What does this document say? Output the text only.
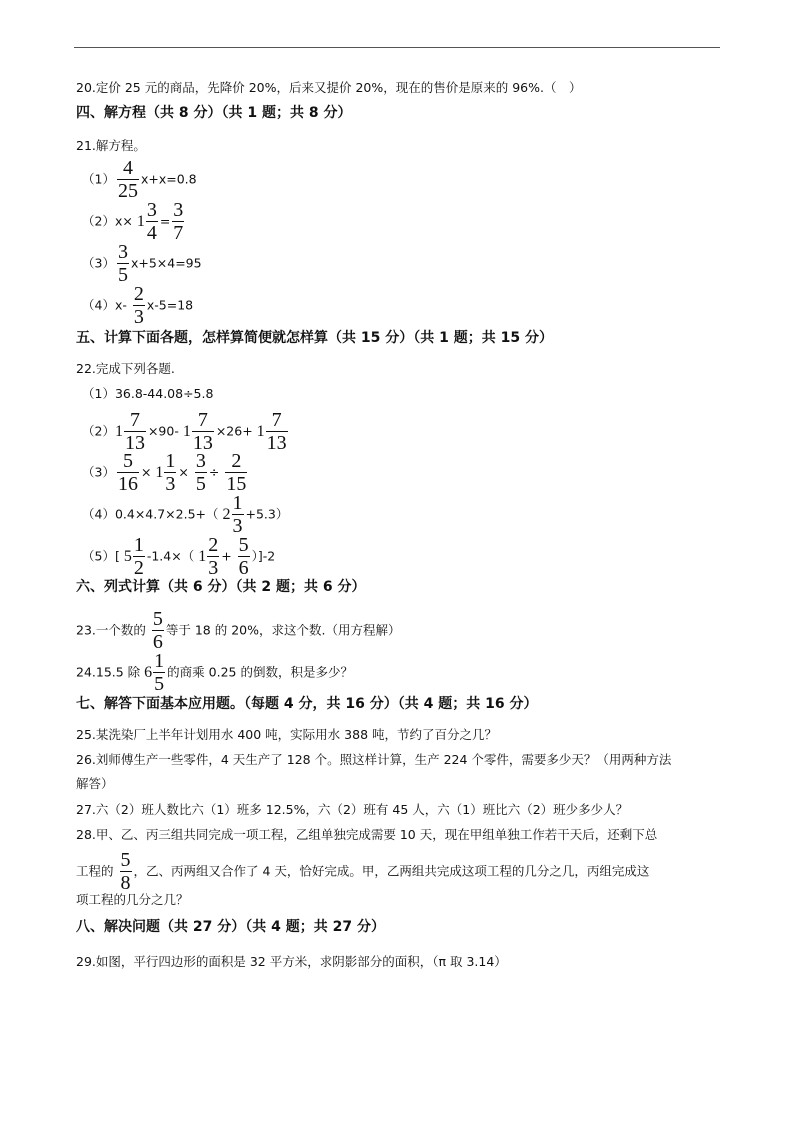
20.定价 25 元的商品，先降价 20%，后来又提价 20%，现在的售价是原来的 96%.（　）
四、解方程（共 8 分）（共 1 题；共 8 分）
21.解方程。
$(1) \frac{4}{25} x+x=0.8$
$(2)x\times 1 \frac{3}{4} = \frac{3}{7}$
$(3) \frac{3}{5} x+5\times 4=95$
$(4)x- \frac{2}{3} x-5=18$
五、计算下面各题，怎样算简便就怎样算（共 15 分）（共 1 题；共 15 分）
22.完成下列各题.
（1）36.8-44.08÷5.8
（2） $1 \frac{7}{13} \times 90-$ $1 \frac{7}{13} \times 26+ 1 \frac{7}{13}$
$(3) \frac{5}{16} \times 1 \frac{1}{3} \times \frac{3}{5} \div \frac{2}{15}$
（4）0.4×4.7×2.5+（ $2 \frac{1}{3} +5.3$）
（5）[ $5 \frac{1}{2} -1.4\times$（ $1 \frac{2}{3} + \frac{5}{6} )]-2$
六、列式计算（共 6 分）（共 2 题；共 6 分）
23.一个数的 $\frac{5}{6}$ 等于 18 的 20%，求这个数.（用方程解）
24.15.5 除 $6 \frac{1}{5}$ 的商乘 0.25 的倒数，积是多少？
七、解答下面基本应用题。（每题 4 分，共 16 分）（共 4 题；共 16 分）
25.某洗染厂上半年计划用水 400 吨，实际用水 388 吨，节约了百分之几？
26.刘师傅生产一些零件，4 天生产了 128 个。照这样计算，生产 224 个零件，需要多少天？（用两种方法
解答）
27.六（2）班人数比六（1）班多 12.5%，六（2）班有 45 人，六（1）班比六（2）班少多少人？
28.甲、乙、丙三组共同完成一项工程，乙组单独完成需要 10 天，现在甲组单独工作若干天后，还剩下总
工程的 $\frac{5}{8}$ ，乙、丙两组又合作了 4 天，恰好完成。甲，乙两组共完成这项工程的几分之几，丙组完成这
项工程的几分之几？
八、解决问题（共 27 分）（共 4 题；共 27 分）
29.如图，平行四边形的面积是 32 平方米，求阴影部分的面积，（π 取 3.14）
